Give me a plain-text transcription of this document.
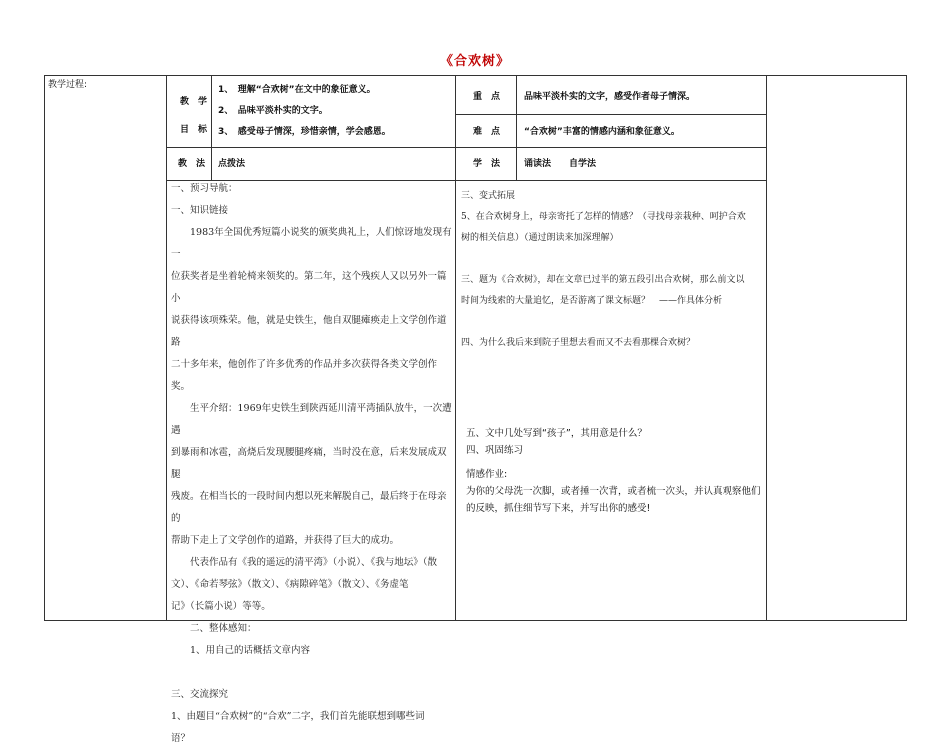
《合欢树》
教学过程:
教　学
目　标
1、　理解“合欢树”在文中的象征意义。
2、　品味平淡朴实的文字。
3、　感受母子情深，珍惜亲情，学会感恩。
重　点	品味平淡朴实的文字，感受作者母子情深。
难　点	“合欢树”丰富的情感内涵和象征意义。
教　法 点拨法	学　法	诵读法　　自学法
一、预习导航：
一、知识链接
　　1983年全国优秀短篇小说奖的颁奖典礼上，人们惊讶地发现有一
位获奖者是坐着轮椅来领奖的。第二年，这个残疾人又以另外一篇小
说获得该项殊荣。他，就是史铁生，他自双腿瘫痪走上文学创作道路
二十多年来，他创作了许多优秀的作品并多次获得各类文学创作奖。
　　生平介绍：1969年史铁生到陕西延川清平湾插队放牛，一次遭遇
到暴雨和冰雹，高烧后发现腰腿疼痛，当时没在意，后来发展成双腿
残废。在相当长的一段时间内想以死来解脱自己，最后终于在母亲的
帮助下走上了文学创作的道路，并获得了巨大的成功。
　　代表作品有《我的遥远的清平湾》（小说）、《我与地坛》（散
文）、《命若琴弦》（散文）、《病隙碎笔》（散文）、《务虚笔
记》（长篇小说）等等。
　　二、整体感知：
　　1、用自己的话概括文章内容
三、交流探究
1、由题目“合欢树”的“合欢”二字，我们首先能联想到哪些词
语？
三、变式拓展
5、在合欢树身上，母亲寄托了怎样的情感？（寻找母亲栽种、呵护合欢
树的相关信息）（通过朗读来加深理解）
三、题为《合欢树》，却在文章已过半的第五段引出合欢树，那么前文以
时间为线索的大量追忆，是否游离了课文标题？　——作具体分析
四、为什么我后来到院子里想去看而又不去看那棵合欢树？
五、文中几处写到“孩子”，其用意是什么？
四、巩固练习
情感作业:
为你的父母洗一次脚，或者捶一次背，或者梳一次头，并认真观察他们
的反映，抓住细节写下来，并写出你的感受!
